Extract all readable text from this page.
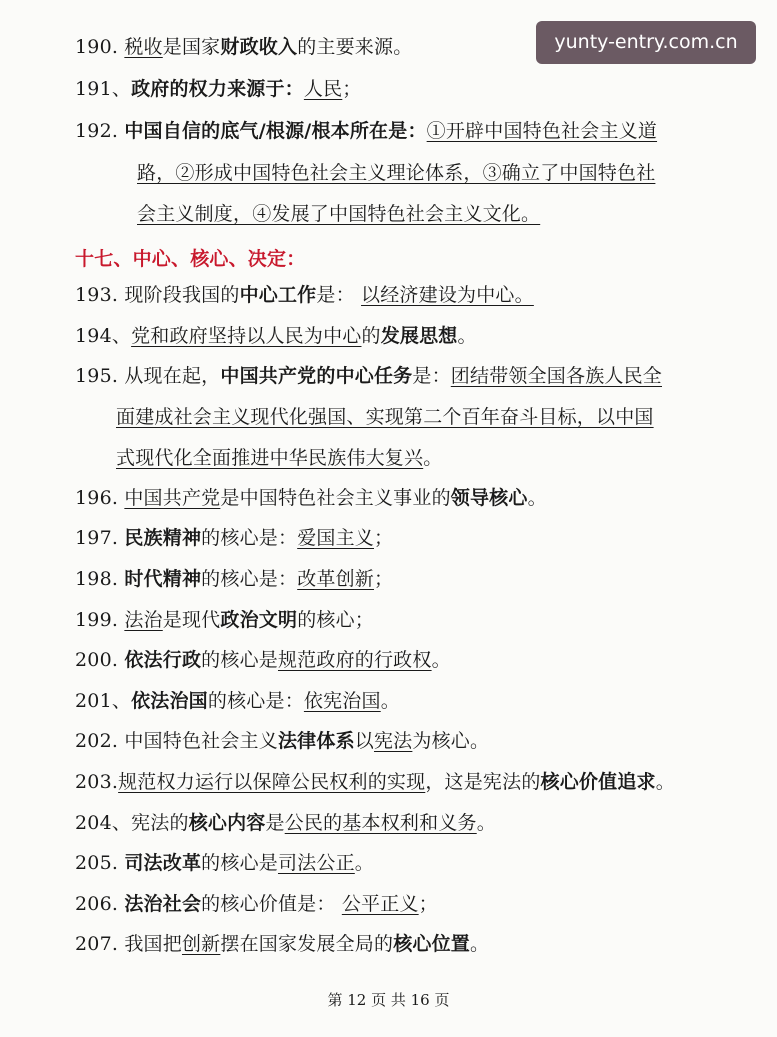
yunty-entry.com.cn
190. 税收是国家财政收入的主要来源。
191、政府的权力来源于：人民；
192. 中国自信的底气/根源/根本所在是：①开辟中国特色社会主义道
路，②形成中国特色社会主义理论体系，③确立了中国特色社
会主义制度，④发展了中国特色社会主义文化。
十七、中心、核心、决定：
193. 现阶段我国的中心工作是： 以经济建设为中心。
194、党和政府坚持以人民为中心的发展思想。
195. 从现在起，中国共产党的中心任务是：团结带领全国各族人民全
面建成社会主义现代化强国、实现第二个百年奋斗目标，以中国
式现代化全面推进中华民族伟大复兴。
196. 中国共产党是中国特色社会主义事业的领导核心。
197. 民族精神的核心是：爱国主义；
198. 时代精神的核心是：改革创新；
199. 法治是现代政治文明的核心；
200. 依法行政的核心是规范政府的行政权。
201、依法治国的核心是：依宪治国。
202. 中国特色社会主义法律体系以宪法为核心。
203.规范权力运行以保障公民权利的实现，这是宪法的核心价值追求。
204、宪法的核心内容是公民的基本权利和义务。
205. 司法改革的核心是司法公正。
206. 法治社会的核心价值是： 公平正义；
207. 我国把创新摆在国家发展全局的核心位置。
第 12 页 共 16 页
